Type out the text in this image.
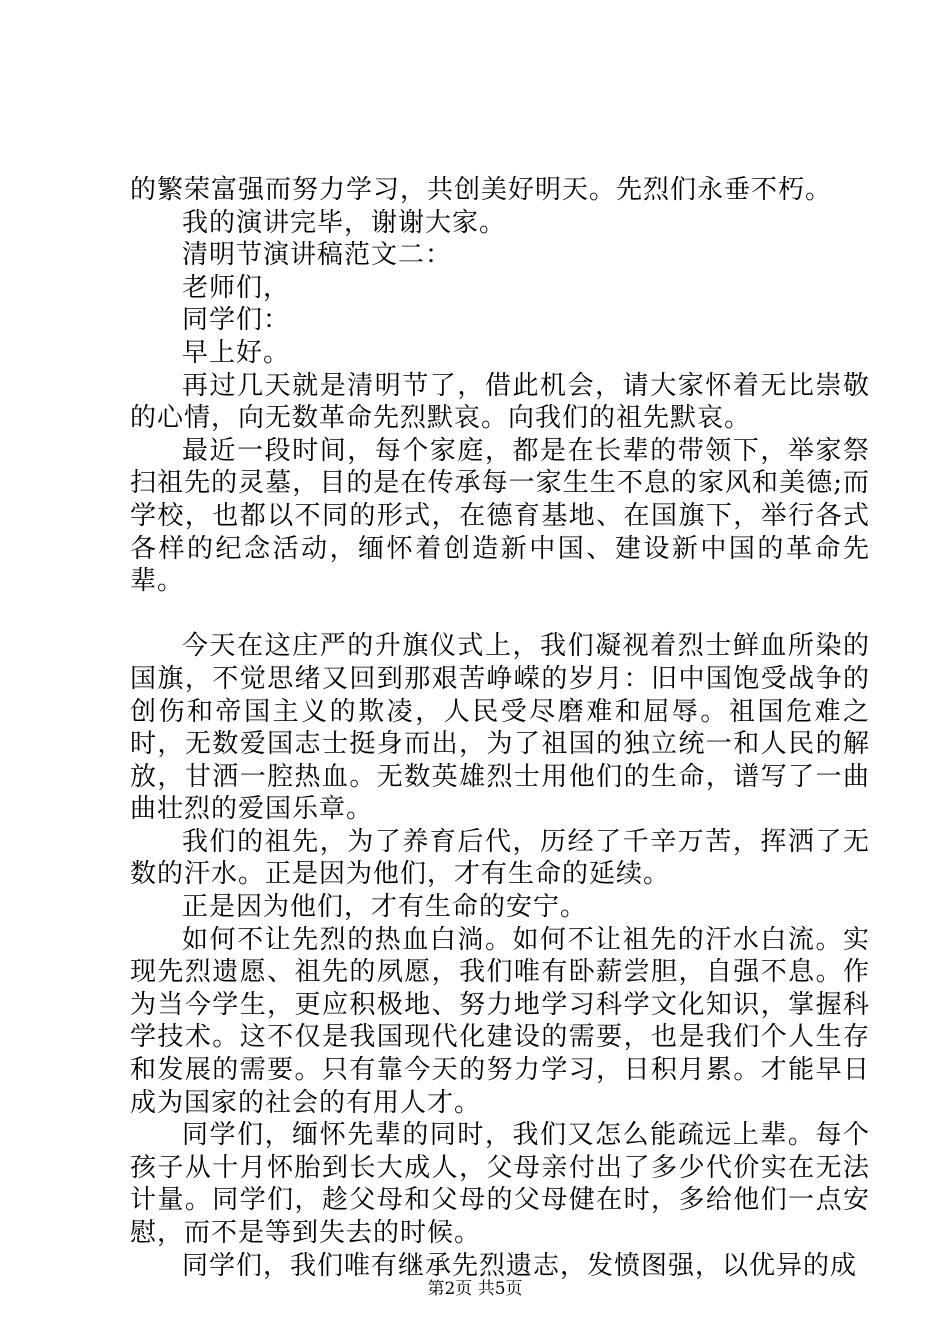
的繁荣富强而努力学习，共创美好明天。先烈们永垂不朽。

我的演讲完毕，谢谢大家。

清明节演讲稿范文二：

老师们，

同学们：

早上好。

再过几天就是清明节了，借此机会，请大家怀着无比崇敬的心情，向无数革命先烈默哀。向我们的祖先默哀。

最近一段时间，每个家庭，都是在长辈的带领下，举家祭扫祖先的灵墓，目的是在传承每一家生生不息的家风和美德;而学校，也都以不同的形式，在德育基地、在国旗下，举行各式各样的纪念活动，缅怀着创造新中国、建设新中国的革命先辈。

今天在这庄严的升旗仪式上，我们凝视着烈士鲜血所染的国旗，不觉思绪又回到那艰苦峥嵘的岁月：旧中国饱受战争的创伤和帝国主义的欺凌，人民受尽磨难和屈辱。祖国危难之时，无数爱国志士挺身而出，为了祖国的独立统一和人民的解放，甘洒一腔热血。无数英雄烈士用他们的生命，谱写了一曲曲壮烈的爱国乐章。

我们的祖先，为了养育后代，历经了千辛万苦，挥洒了无数的汗水。正是因为他们，才有生命的延续。

正是因为他们，才有生命的安宁。

如何不让先烈的热血白淌。如何不让祖先的汗水白流。实现先烈遗愿、祖先的夙愿，我们唯有卧薪尝胆，自强不息。作为当今学生，更应积极地、努力地学习科学文化知识，掌握科学技术。这不仅是我国现代化建设的需要，也是我们个人生存和发展的需要。只有靠今天的努力学习，日积月累。才能早日成为国家的社会的有用人才。

同学们，缅怀先辈的同时，我们又怎么能疏远上辈。每个孩子从十月怀胎到长大成人，父母亲付出了多少代价实在无法计量。同学们，趁父母和父母的父母健在时，多给他们一点安慰，而不是等到失去的时候。

同学们，我们唯有继承先烈遗志，发愤图强，以优异的成

第2页 共5页
